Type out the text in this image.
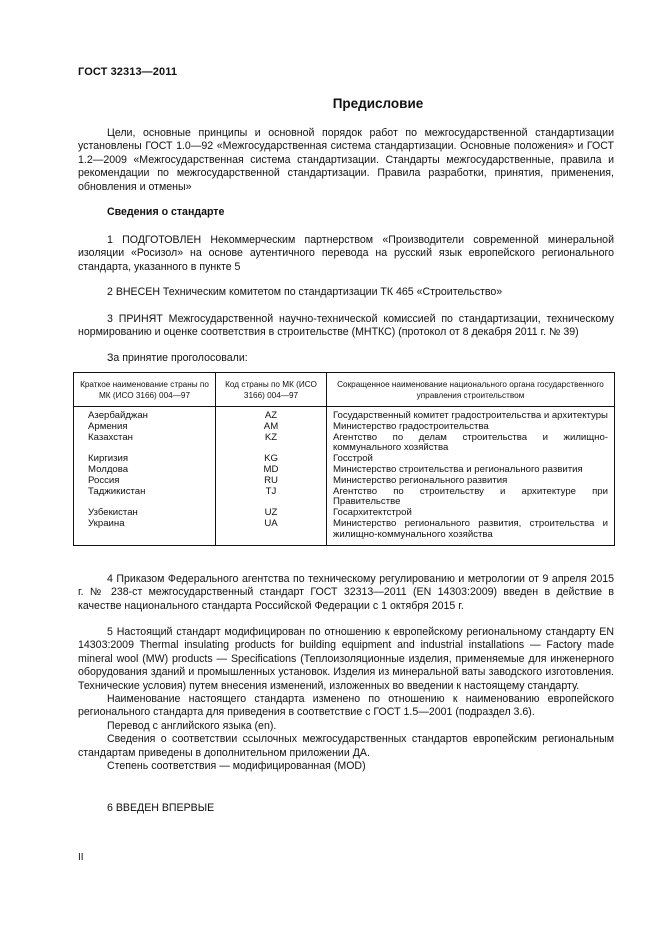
ГОСТ 32313—2011
Предисловие

Цели, основные принципы и основной порядок работ по межгосударственной стандартизации установлены ГОСТ 1.0—92 «Межгосударственная система стандартизации. Основные положения» и ГОСТ 1.2—2009 «Межгосударственная система стандартизации. Стандарты межгосударственные, правила и рекомендации по межгосударственной стандартизации. Правила разработки, принятия, применения, обновления и отмены»

Сведения о стандарте

1 ПОДГОТОВЛЕН Некоммерческим партнерством «Производители современной минеральной изоляции «Росизол» на основе аутентичного перевода на русский язык европейского регионального стандарта, указанного в пункте 5

2 ВНЕСЕН Техническим комитетом по стандартизации ТК 465 «Строительство»

3 ПРИНЯТ Межгосударственной научно-технической комиссией по стандартизации, техническому нормированию и оценке соответствия в строительстве (МНТКС) (протокол от 8 декабря 2011 г. № 39)

За принятие проголосовали:

Краткое наименование страны по МК (ИСО 3166) 004—97	Код страны по МК (ИСО 3166) 004—97	Сокращенное наименование национального органа государственного управления строительством
Азербайджан	AZ	Государственный комитет градостроительства и архитектуры
Армения	AM	Министерство градостроительства
Казахстан	KZ	Агентство по делам строительства и жилищно-коммунального хозяйства
Киргизия	KG	Госстрой
Молдова	MD	Министерство строительства и регионального развития
Россия	RU	Министерство регионального развития
Таджикистан	TJ	Агентство по строительству и архитектуре при Правительстве
Узбекистан	UZ	Госархитектстрой
Украина	UA	Министерство регионального развития, строительства и жилищно-коммунального хозяйства

4 Приказом Федерального агентства по техническому регулированию и метрологии от 9 апреля 2015 г. № 238-ст межгосударственный стандарт ГОСТ 32313—2011 (EN 14303:2009) введен в действие в качестве национального стандарта Российской Федерации с 1 октября 2015 г.

5 Настоящий стандарт модифицирован по отношению к европейскому региональному стандарту EN 14303:2009 Thermal insulating products for building equipment and industrial installations — Factory made mineral wool (MW) products — Specifications (Теплоизоляционные изделия, применяемые для инженерного оборудования зданий и промышленных установок. Изделия из минеральной ваты заводского изготовления. Технические условия) путем внесения изменений, изложенных во введении к настоящему стандарту.

Наименование настоящего стандарта изменено по отношению к наименованию европейского регионального стандарта для приведения в соответствие с ГОСТ 1.5—2001 (подраздел 3.6).

Перевод с английского языка (en).

Сведения о соответствии ссылочных межгосударственных стандартов европейским региональным стандартам приведены в дополнительном приложении ДА.

Степень соответствия — модифицированная (MOD)

6 ВВЕДЕН ВПЕРВЫЕ

II
